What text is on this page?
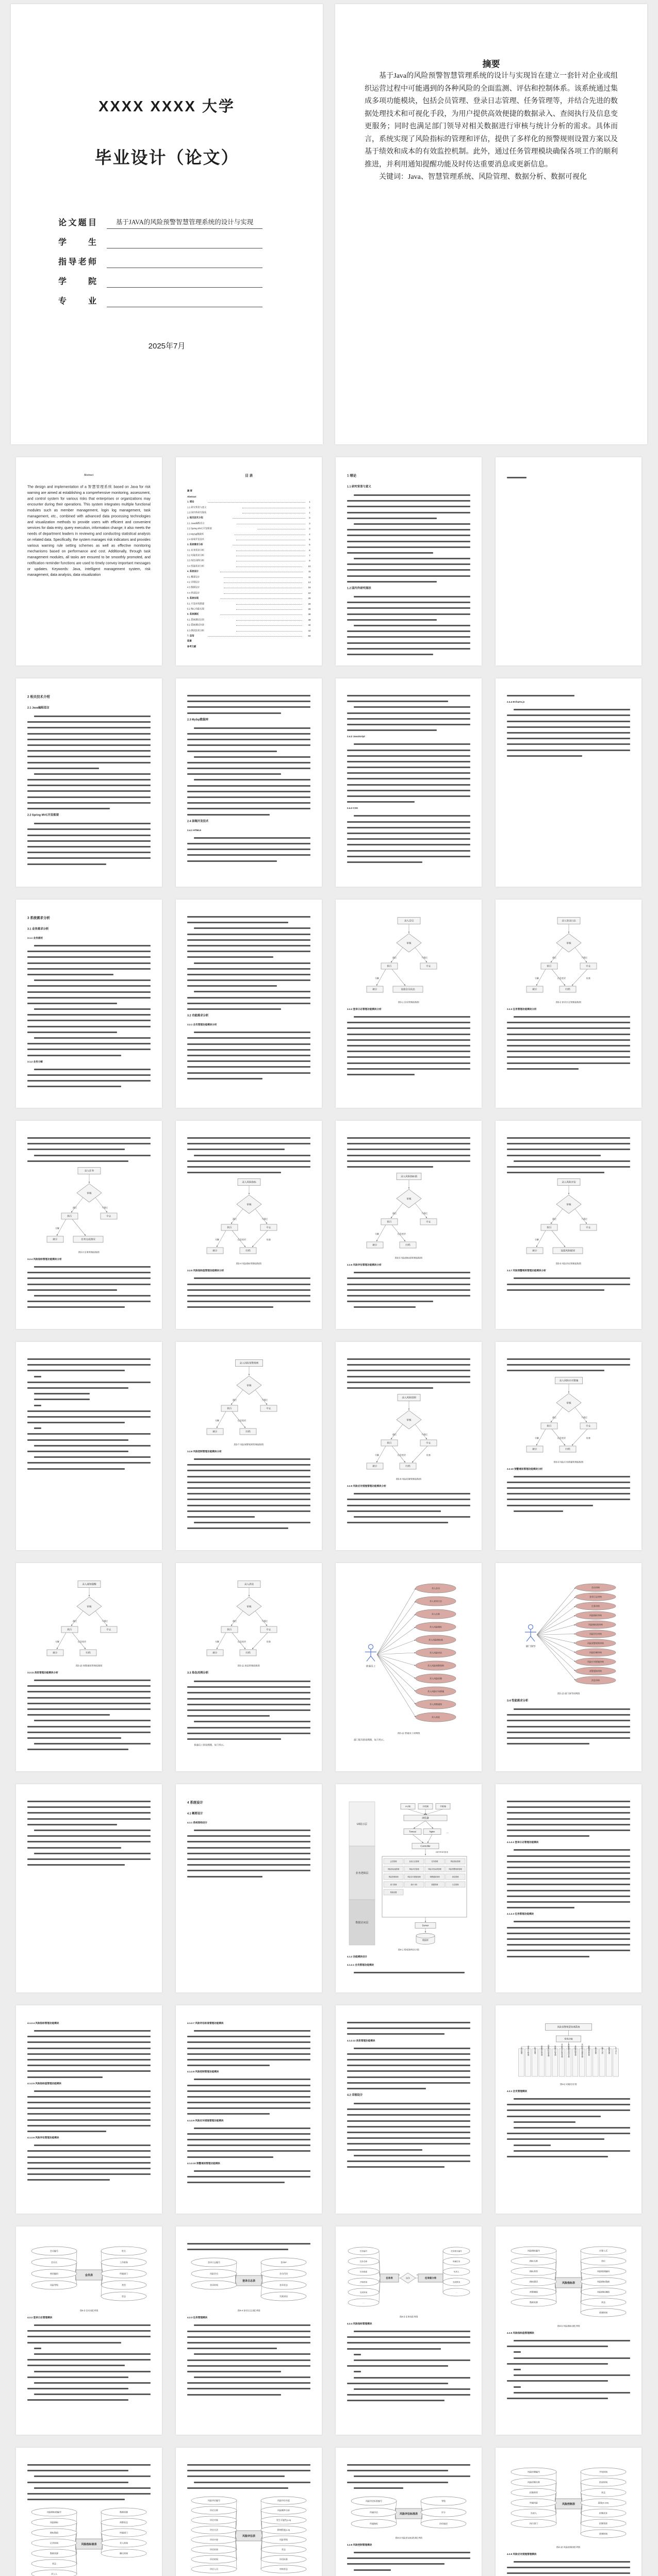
XXXX XXXX 大学
毕业设计（论文）
论文题目	基于JAVA的风险预警智慧管理系统的设计与实现
学 生
指导老师
学 院
专 业
2025年7月
摘要

基于Java的风险预警智慧管理系统的设计与实现旨在建立一套针对企业或组织运营过程中可能遇到的各种风险的全面监测、评估和控制体系。该系统通过集成多项功能模块，包括会员管理、登录日志管理、任务管理等，并结合先进的数据处理技术和可视化手段，为用户提供高效便捷的数据录入、查阅执行及信息变更服务；同时也满足部门领导对相关数据进行审核与统计分析的需求。具体而言，系统实现了风险指标的管理和评估，提供了多样化的预警规则设置方案以及基于绩效和成本的有效监控机制。此外，通过任务管理模块确保各项工作的顺利推进，并利用通知提醒功能及时传达重要消息或更新信息。

关键词：Java、智慧管理系统、风险管理、数据分析、数据可视化

Abstract
The design and implementation of a 智慧管理系统 based on Java for risk warning are aimed at establishing a comprehensive monitoring, assessment, and control system for various risks that enterprises or organizations may encounter during their operations. This system integrates multiple functional modules such as member management, login log management, task management, etc., combined with advanced data processing technologies and visualization methods to provide users with efficient and convenient services for data entry, query execution, information change; it also meets the needs of department leaders in reviewing and conducting statistical analysis on related data. Specifically, the system manages risk indicators and provides various warning rule setting schemes as well as effective monitoring mechanisms based on performance and cost. Additionally, through task management modules, all tasks are ensured to be smoothly promoted, and notification reminder functions are used to timely convey important messages or updates. Keywords: Java, intelligent management system, risk management, data analysis, data visualization
目 录
摘 要
Abstract
1. 绪论	1
1.1 研究背景与意义	1
1.2 国内外研究现状	1
2. 相关技术介绍	3
2.1 Java编程语言	3
2.2 Spring MVC开发框架	3
2.3 MySql数据库	4
2.4 前端开发技术	5
3. 系统需求分析	6
3.1 业务需求分析	6
3.2 功能需求分析	7
3.3 角色用例分析	8
3.4 性能需求分析	10
4. 系统设计	11
4.1 概要设计	11
4.2 详细设计	13
4.3 数据设计	18
4.4 界面设计	22
5. 系统实现	28
5.1 开发环境搭建	29
5.2 核心功能实现	29
6. 系统测试	38
6.1 系统测试目的	39
6.2 系统测试内容	40
6.3 测试结果分析	42
7. 总结	50
致谢
参考文献
1 绪论
1.1 研究背景与意义
1.2 国内外研究现状
2 相关技术介绍
2.1 Java编程语言
2.2 Spring MVC开发框架
2.3 MySql数据库
2.4 前端开发技术
2.4.1 HTML5
2.4.2 JavaScript
2.4.3 CSS
2.4.4 ECharts.js
3 系统需求分析
3.1 业务需求分析
3.1.1 业务描述
3.1.2 业务分解
3.2 功能需求分析
3.2.1 会员管理功能模块分析
录入会员
审核
通过	不通过
执行	中止
分解
统计	设置会员状态
图3-1 会员管理流程图
3.2.2 登录日志管理功能模块分析
录入登录日志
审核
通过	不通过
执行	中止
分解	信息变更	检查
统计	归档
图3-2 登录日志管理流程图
3.2.3 任务管理功能模块分析
录入任务
审核
通过	不通过
执行	中止
分解
统计	任务完成情况
图3-3 任务管理流程图
3.2.4 风险指标管理功能模块分析
录入风险指标
审核
通过	不通过
执行	中止
分解	信息变更	检查
统计	归档
图3-4 风险指标管理流程图
3.2.5 风险指标值管理功能模块分析
录入风险指标值
审核
通过	不通过
执行	中止
分解	信息变更
统计	归档
图3-5 风险指标值管理流程图
3.2.6 风险评估管理功能模块分析
录入风险评估
审核
通过	不通过
执行	中止
分解
统计	设置风险级别
图3-6 风险评估管理流程图
3.2.7 风险预警规则管理功能模块分析
录入风险预警规则
审核
通过	不通过
执行	中止
分解	信息变更
统计	归档
图3-7 风险预警规则管理流程图
3.2.8 风险控制管理功能模块分析
录入风险控制
审核
通过	不通过
执行	中止
分解	信息变更	检查
统计	归档
图3-8 风险控制管理流程图
3.2.9 风险应对措施管理功能模块分析
录入风险应对措施
审核
通过	不通过
执行	中止
分解	信息变更	检查
统计	归档
图3-9 风险应对措施管理流程图
3.2.10 预警通知管理功能模块分析
录入通知提醒
审核
通过	不通过
执行	中止
分解	信息变更
统计	归档
图3-10 预警通知管理流程图
3.2.11 消息管理功能模块分析
录入消息
审核
通过	不通过
执行	中止
分解	信息变更	检查
统计	归档
图3-11 消息管理流程图
3.3 角色用例分析
普通员工的用例图，如下所示。
普通员工
录入会员
录入登录日志
录入任务
录入风险指标
录入风险指标值
录入风险评估
录入风险预警规则
录入风险控制
录入风险应对措施
录入预警通知
录入消息
图3-12 普通员工用例图
部门领导的用例图，如下所示。
部门领导
会员审核
登录日志审核
任务审核
风险指标审核
风险指标值审核
风险评估审核
风险预警规则审核
风险控制审核
风险应对措施审核
预警通知审核
消息审核
图3-13 部门领导用例图
3.4 性能需求分析
4 系统设计
4.1 概要设计
4.1.1 系统架构设计
UI展示层
业务逻辑层
数据访问层
PC端	手机端	平板端
浏览器
Tomcat	Nginx	…
Controller
GET/POST请求
会员管理	登录日志管理	任务管理	风险指标管理
风险指标值管理	风险评估管理	风险评估标准管理	风险预警规则管理
风险控制管理	风险应对措施管理	预警通知管理	消息管理
部门管理	统计分析	数据管理	日志管理
系统设置
Server
数据库
图4-1 系统架构设计图
4.1.2 功能模块设计
4.1.2.1 会员管理功能模块
4.1.2.2 登录日志管理功能模块
4.1.2.3 任务管理功能模块
4.1.2.4 风险指标管理功能模块
4.1.2.5 风险指标值管理功能模块
4.1.2.6 风险评估管理功能模块
4.1.2.7 风险评估标准管理功能模块
4.1.2.8 风险控制管理功能模块
4.1.2.9 风险应对措施管理功能模块
4.1.2.10 预警通知管理功能模块
4.1.2.11 消息管理功能模块
4.2 详细设计
风险预警智慧管理系统
系统功能
会员管理	登录日志管理	任务管理	风险指标管理	风险指标值管理	风险评估管理	风险评估标准管理	风险预警规则管理	风险控制管理	风险应对措施管理	预警通知管理	消息管理	统计分析	系统管理	个人中心
图4-2 功能设计图
4.2.1 会员管理模块
会员表
会员编号
会员名
密码编码
风险等级
姓名
工作职务
所属部门
类型
状态
图4-3 会员表E-R图
4.2.2 登录日志管理模块
登录日志表
登录日志编号
风险会员
登录时间
登录IP
会员代码
登录状态
失败原因
图4-4 登录日志表E-R图
4.2.3 任务管理模块
任务编号
任务名称
任务描述
开始时间
完成时间
…
任务表	包含
1	n
任务细分表
任务细分编号
所属任务
负责人
完成情况
…
图4-5 任务表E-R图
4.2.4 风险指标管理模块
风险指标表
风险指标编号
指标名称
指标类型
指标描述
预警阈值
数据来源
计算公式
单位
风险级别编码
风险指标数据
风险指标阈值
状态
创建时间
图4-6 风险指标表E-R图
4.2.5 风险指标值管理模块
风险指标值表
风险指标值编号
风险指标
指标数值
记录时间
数据来源
状态
录入人
数据质量
预警状态
所属部门
录入时间
确认时间
风险评估表
风险评估编号
评估名称
评估对象
评估方法
评估内容
评估结果
评估时间
评估人员
风险评估年度
风险概率分析
发生可能性(1-5)
影响程度(1-5)
风险等级
状态
评估标准
审核状态
风险评估标准表
风险评估标准编号
所属评估
所属指标
等级
评分
评价描述
图4-9 风险评估标准表E-R图
4.2.8 风险控制管理模块
风险控制表
风险控制编号
风险控制名称
控制类型
所属风险
负责人
执行部门
开始时间
结束时间
状态
进度(0-100)
控制成本
控制效果
创建时间
图4-10 风险控制表E-R图
4.2.9 风险应对措施管理模块
